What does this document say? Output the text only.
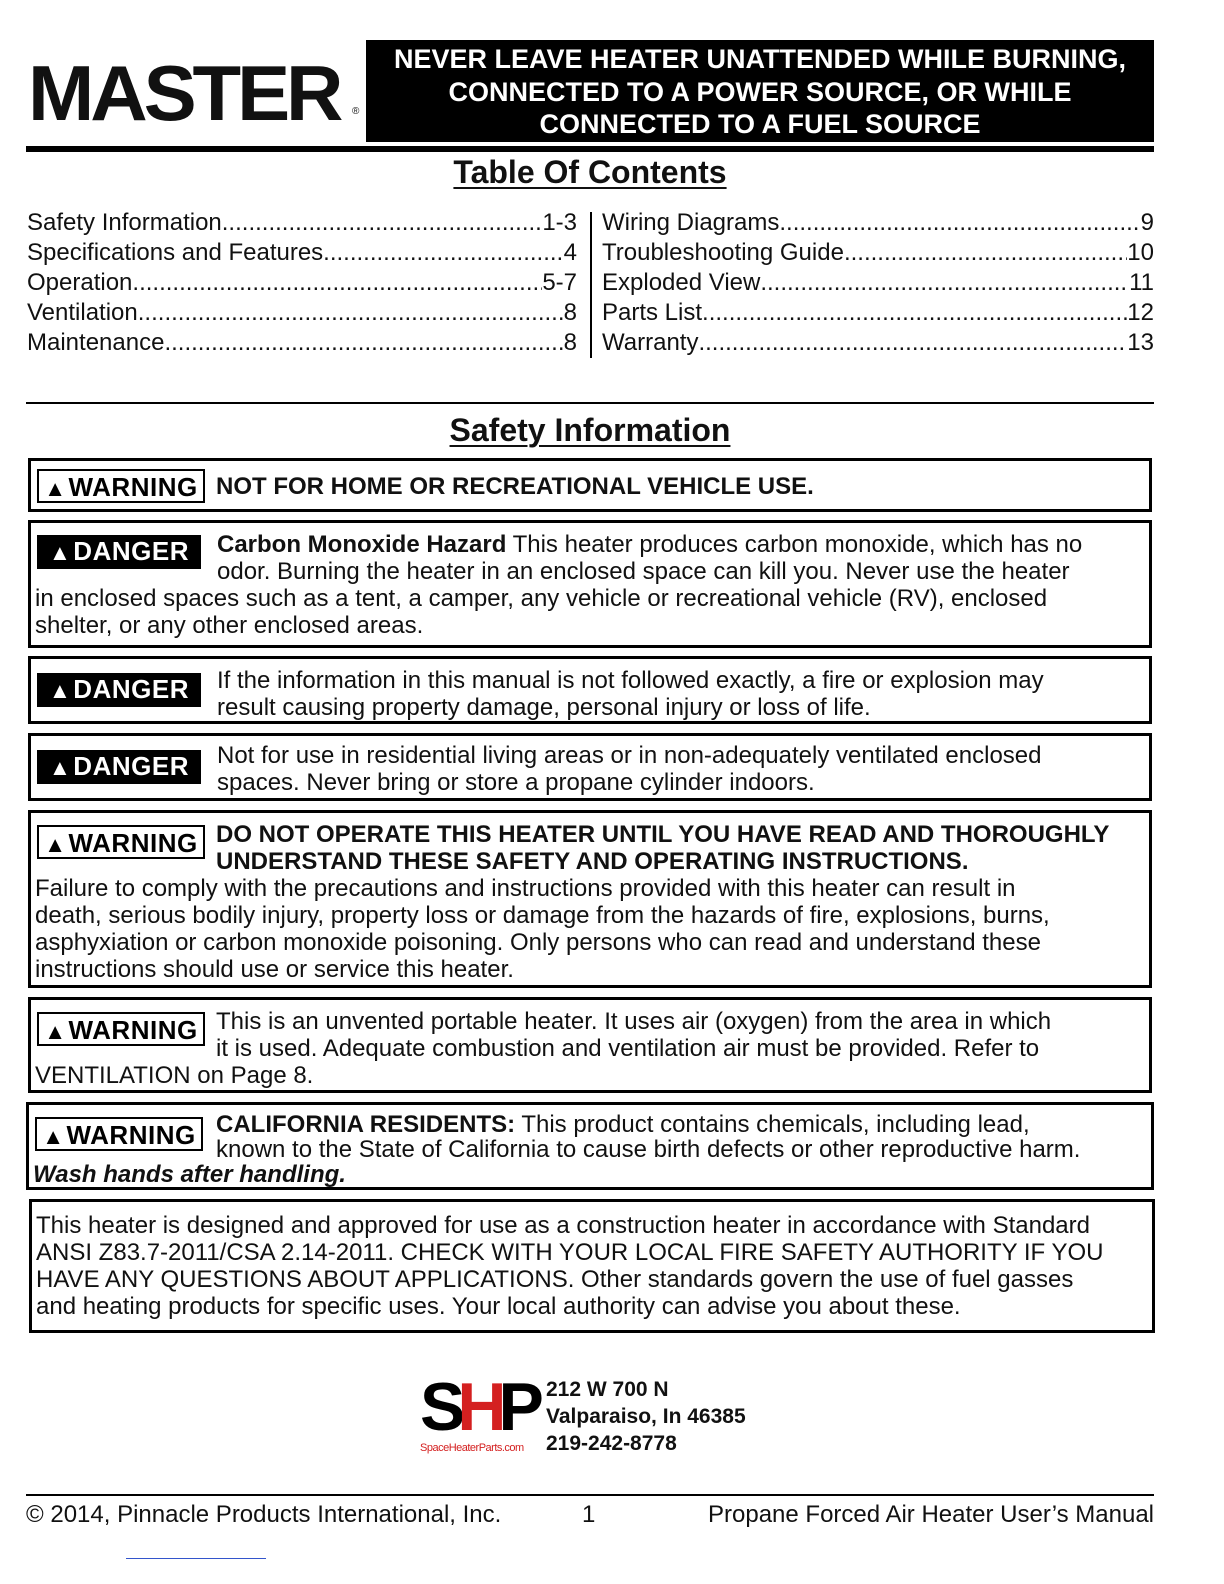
MASTER	®
NEVER LEAVE HEATER UNATTENDED WHILE BURNING,
CONNECTED TO A POWER SOURCE, OR WHILE
CONNECTED TO A FUEL SOURCE
Table Of Contents
Safety Information .....	1-3
Specifications and Features .....	4
Operation .....	5-7
Ventilation .....	8
Maintenance .....	8
Wiring Diagrams .....	9
Troubleshooting Guide .....	10
Exploded View .....	11
Parts List .....	12
Warranty .....	13
Safety Information
▲WARNING NOT FOR HOME OR RECREATIONAL VEHICLE USE.
▲DANGER	Carbon Monoxide Hazard This heater produces carbon monoxide, which has no
odor. Burning the heater in an enclosed space can kill you. Never use the heater
in enclosed spaces such as a tent, a camper, any vehicle or recreational vehicle (RV), enclosed
shelter, or any other enclosed areas.
▲DANGER	If the information in this manual is not followed exactly, a fire or explosion may
result causing property damage, personal injury or loss of life.
▲DANGER	Not for use in residential living areas or in non-adequately ventilated enclosed
spaces. Never bring or store a propane cylinder indoors.
▲WARNING DO NOT OPERATE THIS HEATER UNTIL YOU HAVE READ AND THOROUGHLY
UNDERSTAND THESE SAFETY AND OPERATING INSTRUCTIONS.
Failure to comply with the precautions and instructions provided with this heater can result in
death, serious bodily injury, property loss or damage from the hazards of fire, explosions, burns,
asphyxiation or carbon monoxide poisoning. Only persons who can read and understand these
instructions should use or service this heater.
▲WARNING This is an unvented portable heater. It uses air (oxygen) from the area in which
it is used. Adequate combustion and ventilation air must be provided. Refer to
VENTILATION on Page 8.
▲WARNING CALIFORNIA RESIDENTS: This product contains chemicals, including lead,
known to the State of California to cause birth defects or other reproductive harm.
Wash hands after handling.
This heater is designed and approved for use as a construction heater in accordance with Standard
ANSI Z83.7-2011/CSA 2.14-2011. CHECK WITH YOUR LOCAL FIRE SAFETY AUTHORITY IF YOU
HAVE ANY QUESTIONS ABOUT APPLICATIONS. Other standards govern the use of fuel gasses
and heating products for specific uses. Your local authority can advise you about these.
SHP
SpaceHeaterParts.com
212 W 700 N
Valparaiso, In 46385
219-242-8778
© 2014, Pinnacle Products International, Inc.	1	Propane Forced Air Heater User’s Manual
